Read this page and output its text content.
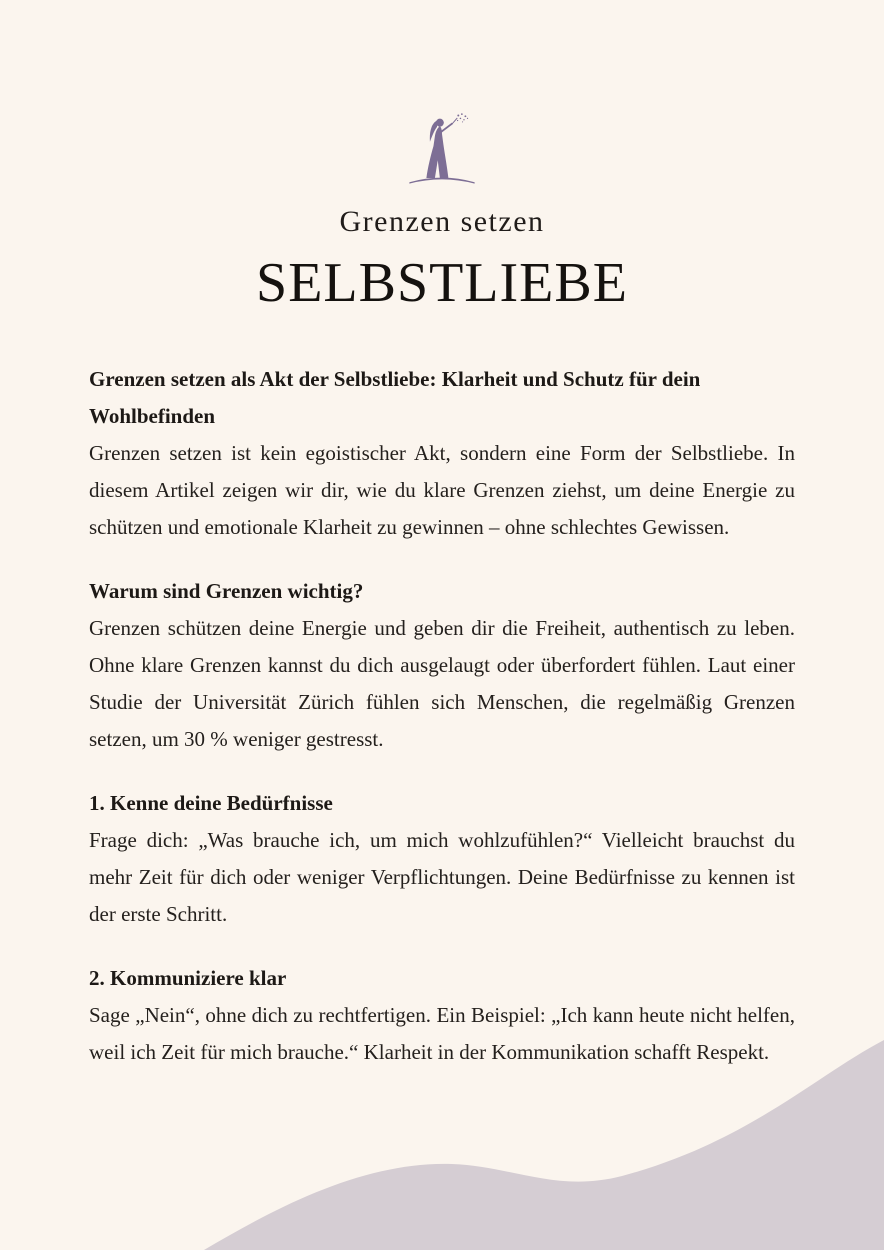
Grenzen setzen
SELBSTLIEBE
Grenzen setzen als Akt der Selbstliebe: Klarheit und Schutz für dein Wohlbefinden

Grenzen setzen ist kein egoistischer Akt, sondern eine Form der Selbstliebe. In diesem Artikel zeigen wir dir, wie du klare Grenzen ziehst, um deine Energie zu schützen und emotionale Klarheit zu gewinnen – ohne schlechtes Gewissen.

Warum sind Grenzen wichtig?

Grenzen schützen deine Energie und geben dir die Freiheit, authentisch zu leben. Ohne klare Grenzen kannst du dich ausgelaugt oder überfordert fühlen. Laut einer Studie der Universität Zürich fühlen sich Menschen, die regelmäßig Grenzen setzen, um 30 % weniger gestresst.

1. Kenne deine Bedürfnisse

Frage dich: „Was brauche ich, um mich wohlzufühlen?“ Vielleicht brauchst du mehr Zeit für dich oder weniger Verpflichtungen. Deine Bedürfnisse zu kennen ist der erste Schritt.

2. Kommuniziere klar

Sage „Nein“, ohne dich zu rechtfertigen. Ein Beispiel: „Ich kann heute nicht helfen, weil ich Zeit für mich brauche.“ Klarheit in der Kommunikation schafft Respekt.
